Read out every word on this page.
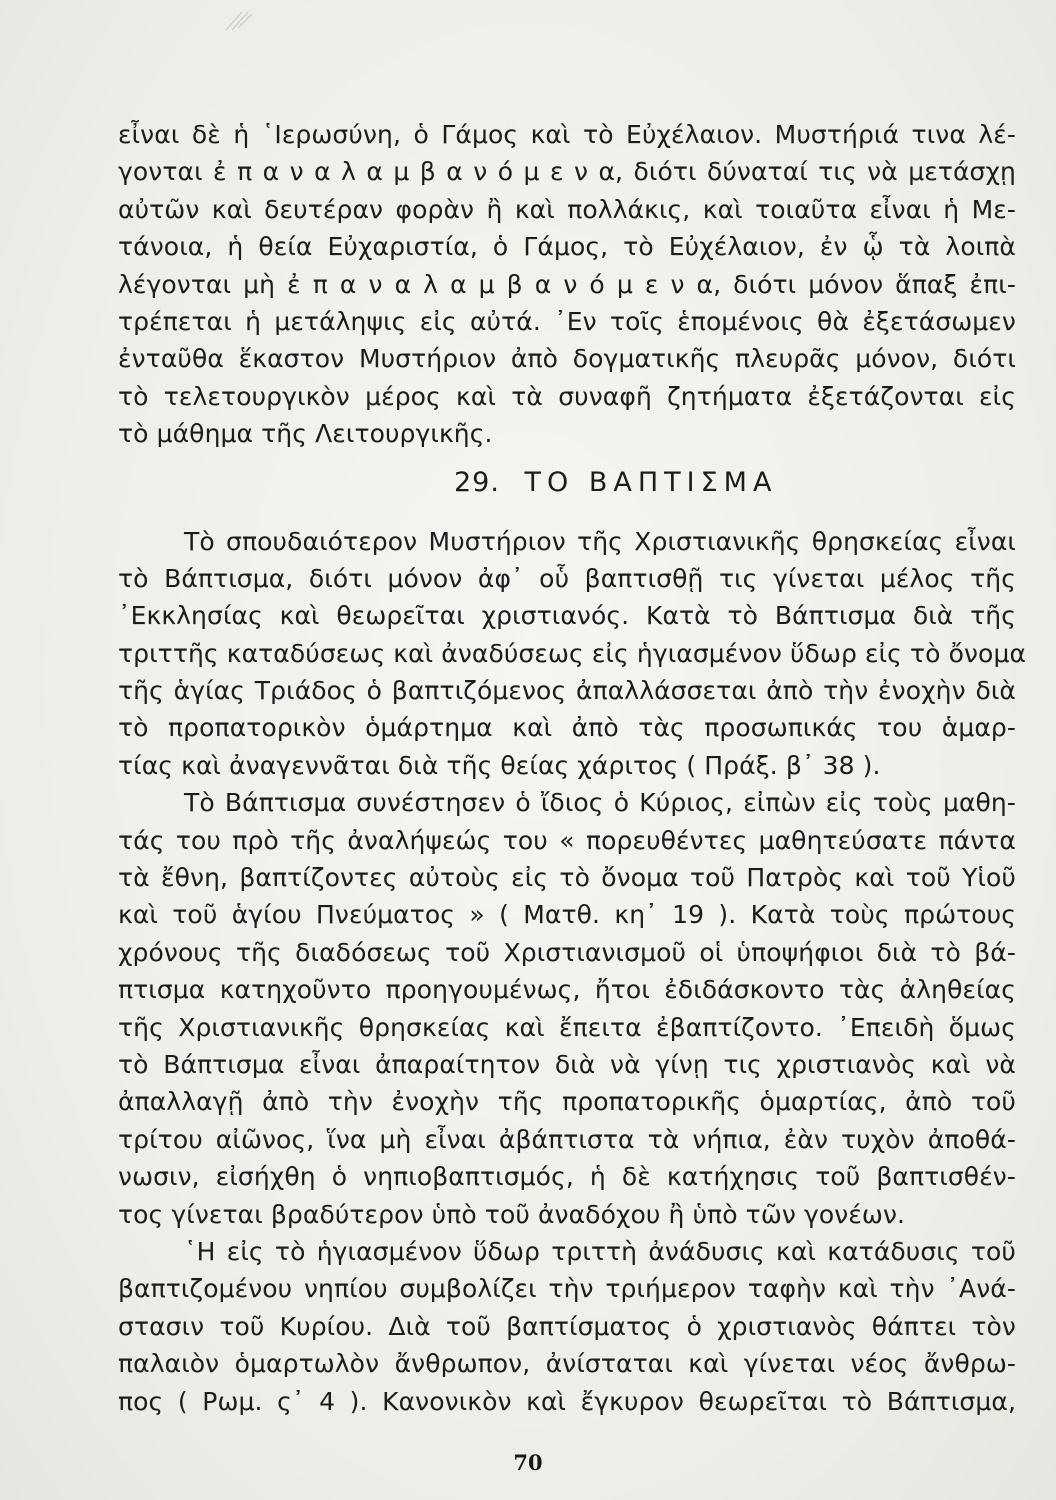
εἶναι δὲ ἡ ῾Ιερωσύνη, ὁ Γάμος καὶ τὸ Εὐχέλαιον. Μυστήριά τινα λέ-
γονται ἐ π α ν α λ α μ β α ν ό μ ε ν α, διότι δύναταί τις νὰ μετάσχῃ
αὐτῶν καὶ δευτέραν φορὰν ἢ καὶ πολλάκις, καὶ τοιαῦτα εἶναι ἡ Με-
τάνοια, ἡ θεία Εὐχαριστία, ὁ Γάμος, τὸ Εὐχέλαιον, ἐν ᾧ τὰ λοιπὰ
λέγονται μὴ ἐ π α ν α λ α μ β α ν ό μ ε ν α, διότι μόνον ἅπαξ ἐπι-
τρέπεται ἡ μετάληψις εἰς αὐτά. ᾿Εν τοῖς ἑπομένοις θὰ ἐξετάσωμεν
ἐνταῦθα ἕκαστον Μυστήριον ἀπὸ δογματικῆς πλευρᾶς μόνον, διότι
τὸ τελετουργικὸν μέρος καὶ τὰ συναφῆ ζητήματα ἐξετάζονται εἰς
τὸ μάθημα τῆς Λειτουργικῆς.
29. ΤΟ ΒΑΠΤΙΣΜΑ
Τὸ σπουδαιότερον Μυστήριον τῆς Χριστιανικῆς θρησκείας εἶναι
τὸ Βάπτισμα, διότι μόνον ἀφ᾿ οὗ βαπτισθῇ τις γίνεται μέλος τῆς
᾿Εκκλησίας καὶ θεωρεῖται χριστιανός. Κατὰ τὸ Βάπτισμα διὰ τῆς
τριττῆς καταδύσεως καὶ ἀναδύσεως εἰς ἡγιασμένον ὕδωρ εἰς τὸ ὄνομα
τῆς ἁγίας Τριάδος ὁ βαπτιζόμενος ἀπαλλάσσεται ἀπὸ τὴν ἐνοχὴν διὰ
τὸ προπατορικὸν ὁμάρτημα καὶ ἀπὸ τὰς προσωπικάς του ἁμαρ-
τίας καὶ ἀναγεννᾶται διὰ τῆς θείας χάριτος ( Πράξ. β᾿ 38 ).
Τὸ Βάπτισμα συνέστησεν ὁ ἴδιος ὁ Κύριος, εἰπὼν εἰς τοὺς μαθη-
τάς του πρὸ τῆς ἀναλήψεώς του « πορευθέντες μαθητεύσατε πάντα
τὰ ἔθνη, βαπτίζοντες αὐτοὺς εἰς τὸ ὄνομα τοῦ Πατρὸς καὶ τοῦ Υἱοῦ
καὶ τοῦ ἁγίου Πνεύματος » ( Ματθ. κη᾿ 19 ). Κατὰ τοὺς πρώτους
χρόνους τῆς διαδόσεως τοῦ Χριστιανισμοῦ οἱ ὑποψήφιοι διὰ τὸ βά-
πτισμα κατηχοῦντο προηγουμένως, ἤτοι ἐδιδάσκοντο τὰς ἀληθείας
τῆς Χριστιανικῆς θρησκείας καὶ ἔπειτα ἐβαπτίζοντο. ᾿Επειδὴ ὅμως
τὸ Βάπτισμα εἶναι ἀπαραίτητον διὰ νὰ γίνῃ τις χριστιανὸς καὶ νὰ
ἀπαλλαγῇ ἀπὸ τὴν ἐνοχὴν τῆς προπατορικῆς ὁμαρτίας, ἀπὸ τοῦ
τρίτου αἰῶνος, ἵνα μὴ εἶναι ἀβάπτιστα τὰ νήπια, ἐὰν τυχὸν ἀποθά-
νωσιν, εἰσήχθη ὁ νηπιοβαπτισμός, ἡ δὲ κατήχησις τοῦ βαπτισθέν-
τος γίνεται βραδύτερον ὑπὸ τοῦ ἀναδόχου ἢ ὑπὸ τῶν γονέων.
῾Η εἰς τὸ ἡγιασμένον ὕδωρ τριττὴ ἀνάδυσις καὶ κατάδυσις τοῦ
βαπτιζομένου νηπίου συμβολίζει τὴν τριήμερον ταφὴν καὶ τὴν ᾿Ανά-
στασιν τοῦ Κυρίου. Διὰ τοῦ βαπτίσματος ὁ χριστιανὸς θάπτει τὸν
παλαιὸν ὁμαρτωλὸν ἄνθρωπον, ἀνίσταται καὶ γίνεται νέος ἄνθρω-
πος ( Ρωμ. ς᾿ 4 ). Κανονικὸν καὶ ἔγκυρον θεωρεῖται τὸ Βάπτισμα,
70
